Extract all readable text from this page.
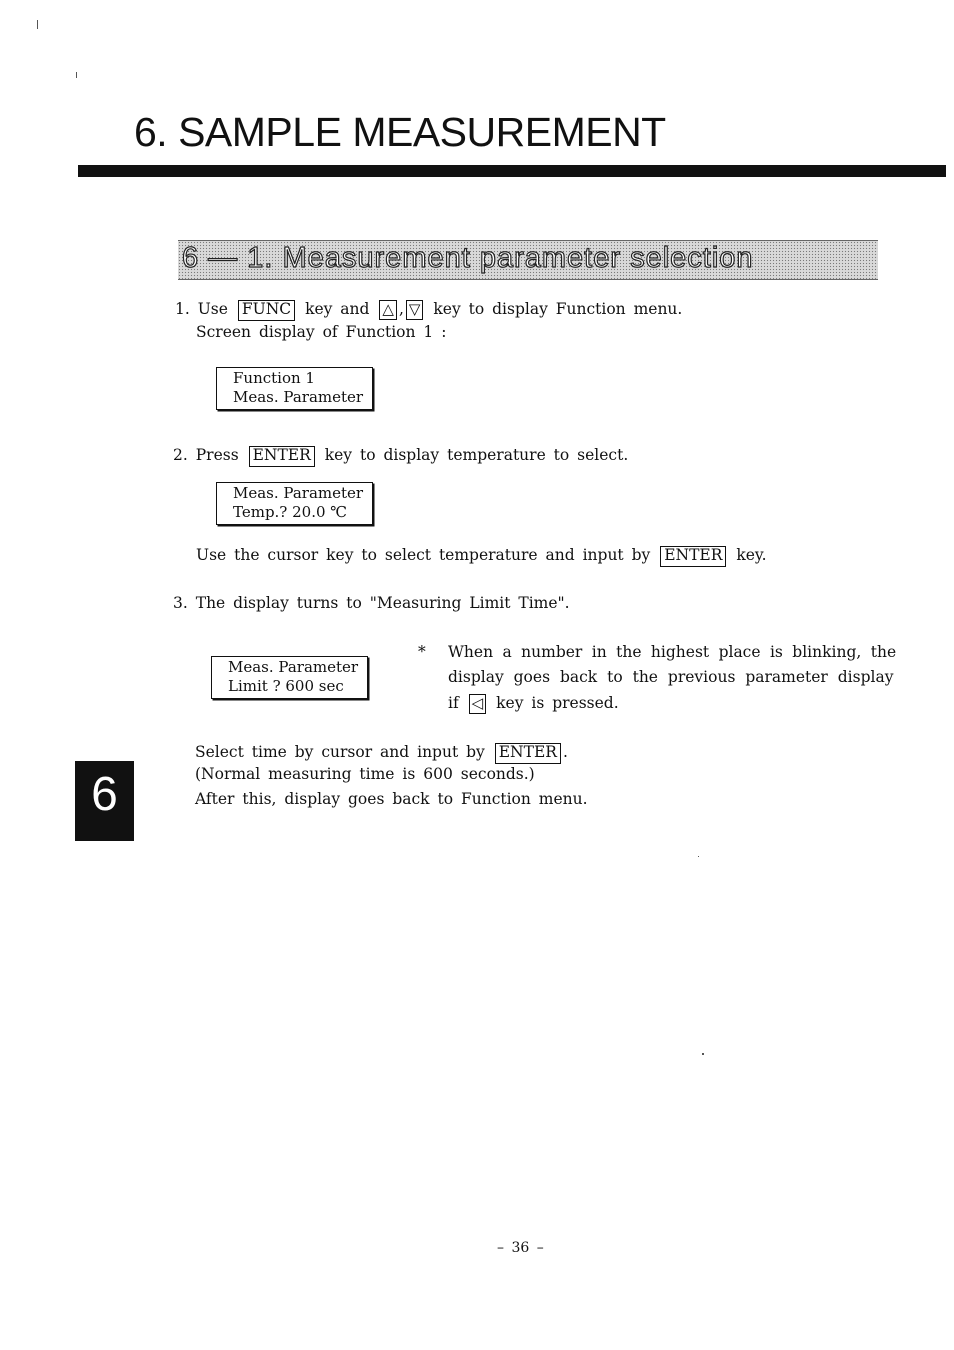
6. SAMPLE MEASUREMENT
6 — 1. Measurement parameter selection
1. Use FUNC key and △ , ▽ key to display Function menu.
Screen display of Function 1 :
Function 1
Meas. Parameter
2. Press ENTER key to display temperature to select.
Meas. Parameter
Temp.? 20.0 ℃
Use the cursor key to select temperature and input by ENTER key.
3. The display turns to "Measuring Limit Time".
Meas. Parameter
Limit ? 600 sec
* When a number in the highest place is blinking, the
display goes back to the previous parameter display
if ◁ key is pressed.
Select time by cursor and input by ENTER .
(Normal measuring time is 600 seconds.)
After this, display goes back to Function menu.
6
– 36 –
